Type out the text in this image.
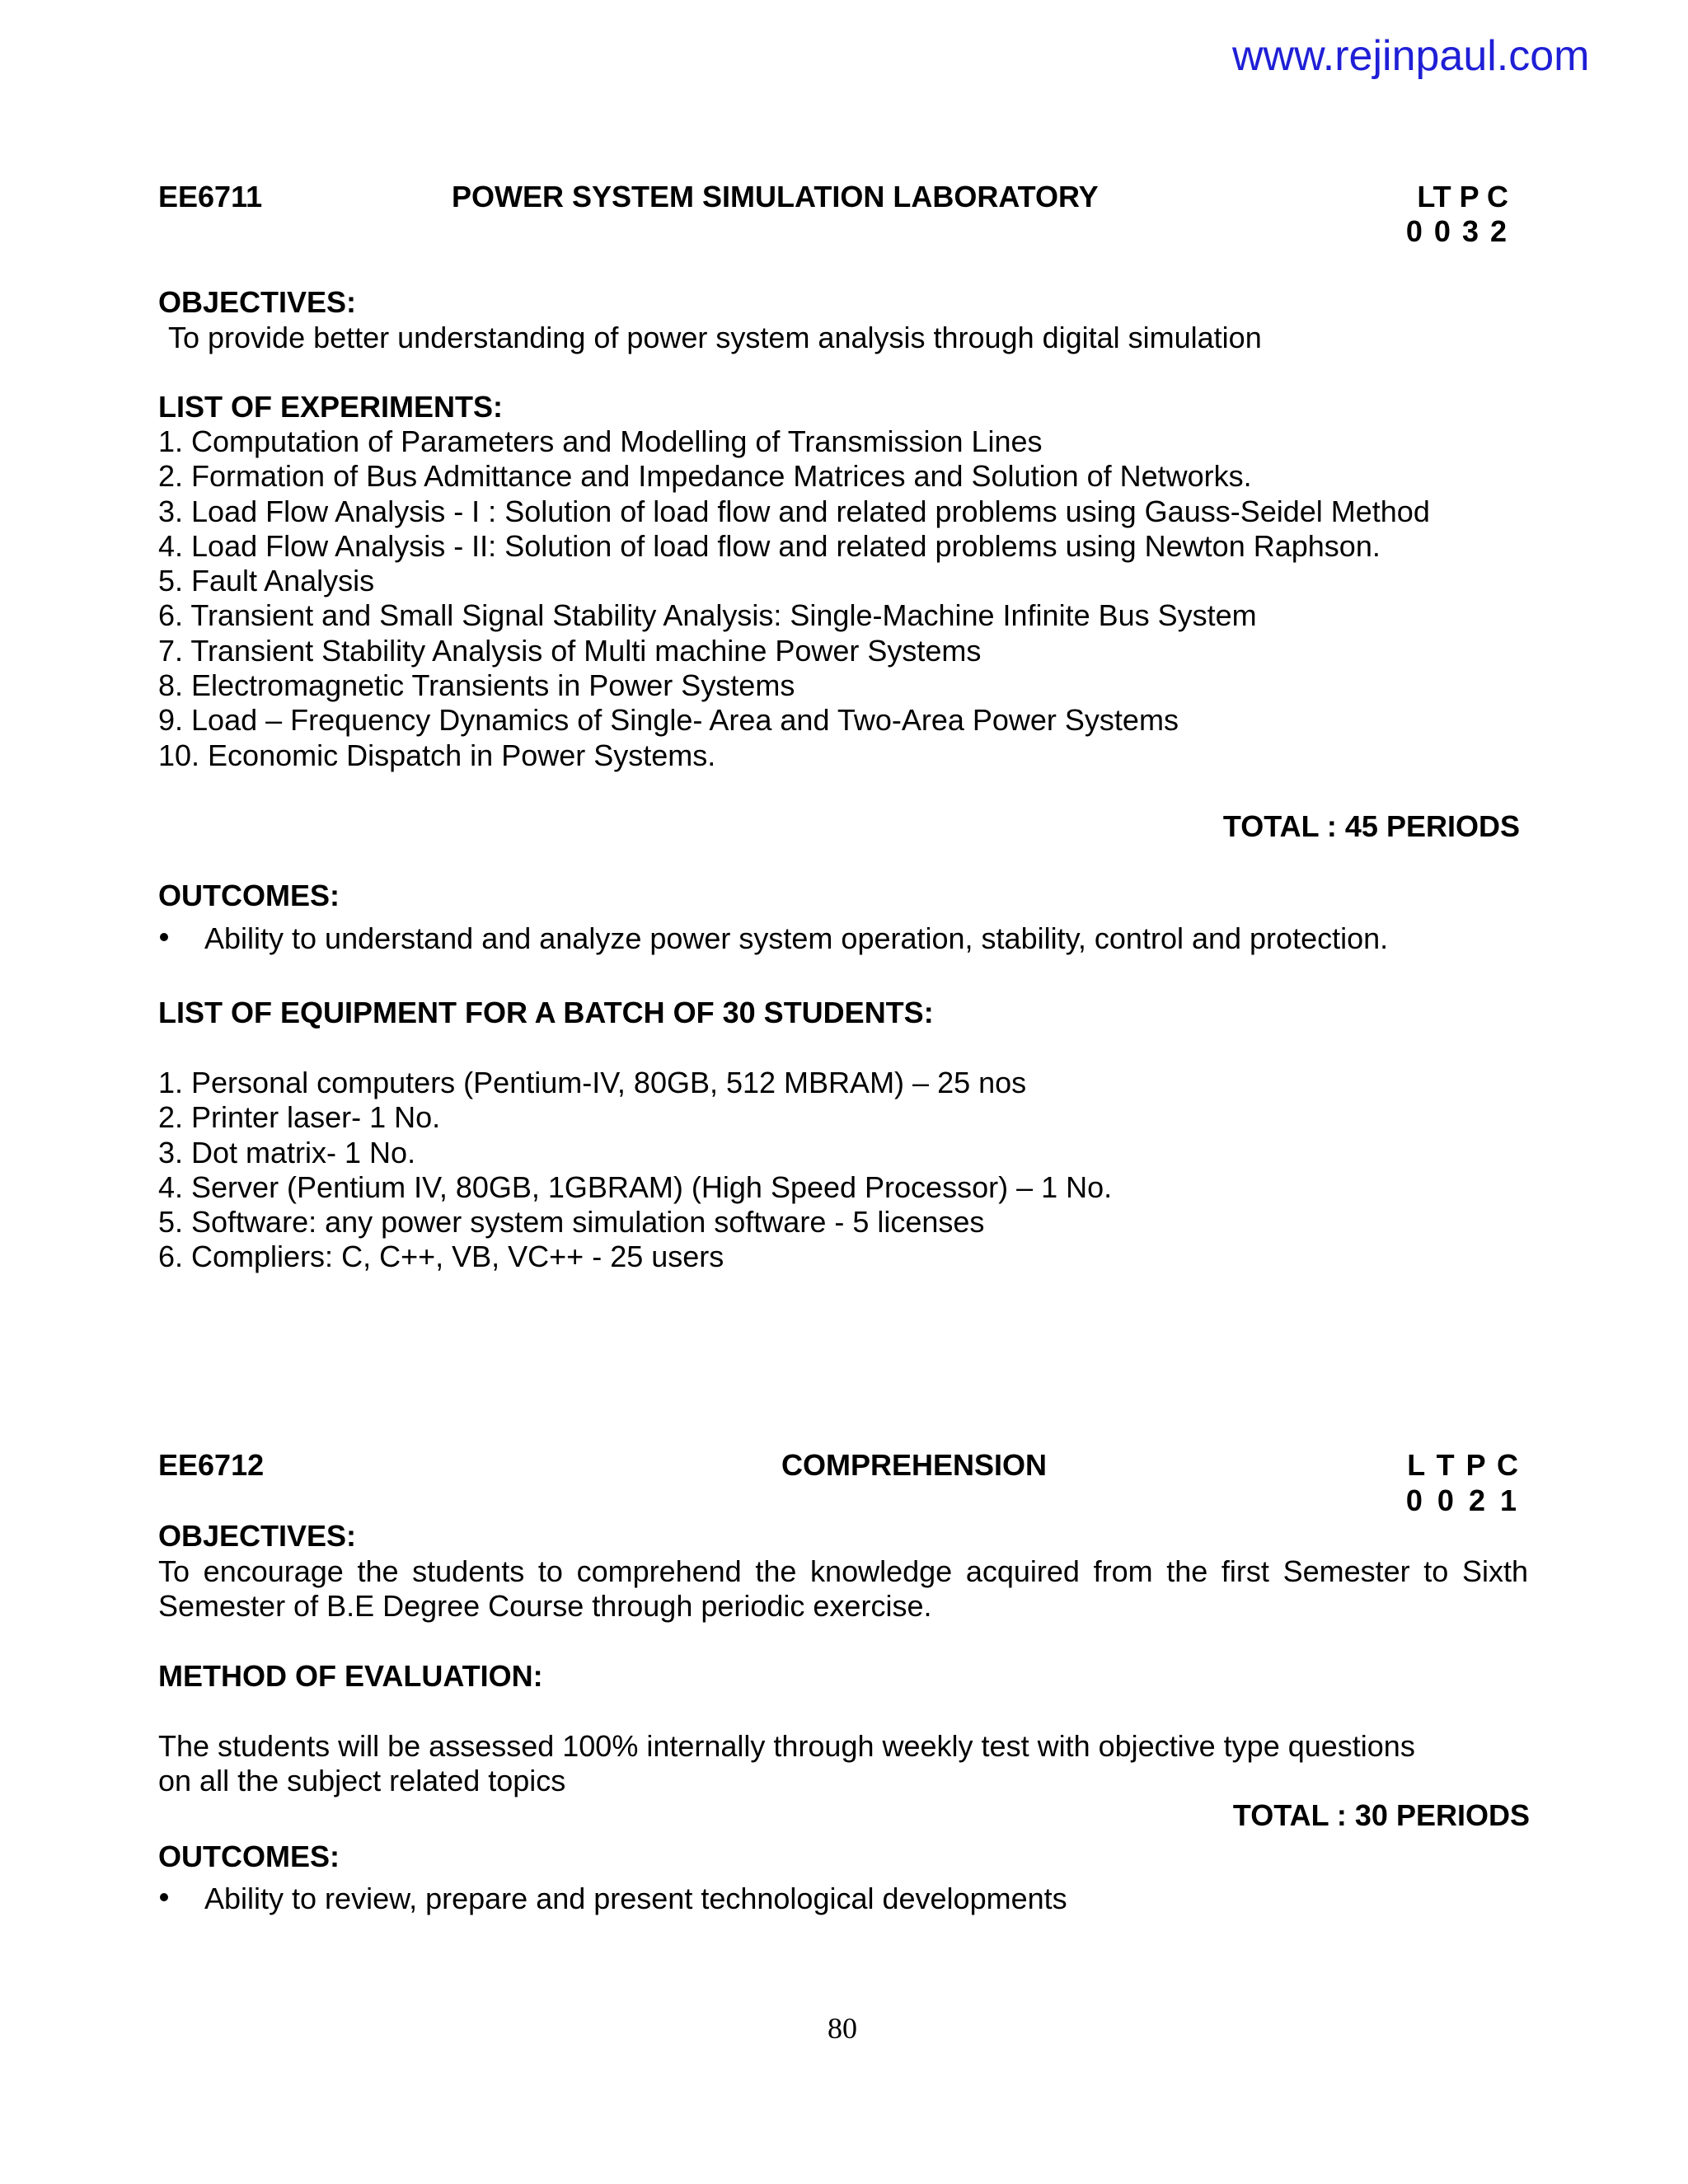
www.rejinpaul.com
EE6711	POWER SYSTEM SIMULATION LABORATORY	LT P C
0 0 3 2
OBJECTIVES:
To provide better understanding of power system analysis through digital simulation
LIST OF EXPERIMENTS:
1. Computation of Parameters and Modelling of Transmission Lines
2. Formation of Bus Admittance and Impedance Matrices and Solution of Networks.
3. Load Flow Analysis - I : Solution of load flow and related problems using Gauss-Seidel Method
4. Load Flow Analysis - II: Solution of load flow and related problems using Newton Raphson.
5. Fault Analysis
6. Transient and Small Signal Stability Analysis: Single-Machine Infinite Bus System
7. Transient Stability Analysis of Multi machine Power Systems
8. Electromagnetic Transients in Power Systems
9. Load – Frequency Dynamics of Single- Area and Two-Area Power Systems
10. Economic Dispatch in Power Systems.
TOTAL : 45 PERIODS
OUTCOMES:
Ability to understand and analyze power system operation, stability, control and protection.
LIST OF EQUIPMENT FOR A BATCH OF 30 STUDENTS:
1. Personal computers (Pentium-IV, 80GB, 512 MBRAM) – 25 nos
2. Printer laser- 1 No.
3. Dot matrix- 1 No.
4. Server (Pentium IV, 80GB, 1GBRAM) (High Speed Processor) – 1 No.
5. Software: any power system simulation software - 5 licenses
6. Compliers: C, C++, VB, VC++ - 25 users
EE6712	COMPREHENSION	L T P C
0 0 2 1
OBJECTIVES:
To encourage the students to comprehend the knowledge acquired from the first Semester to Sixth Semester of B.E Degree Course through periodic exercise.
METHOD OF EVALUATION:
The students will be assessed 100% internally through weekly test with objective type questions
on all the subject related topics
TOTAL : 30 PERIODS
OUTCOMES:
Ability to review, prepare and present technological developments
80
